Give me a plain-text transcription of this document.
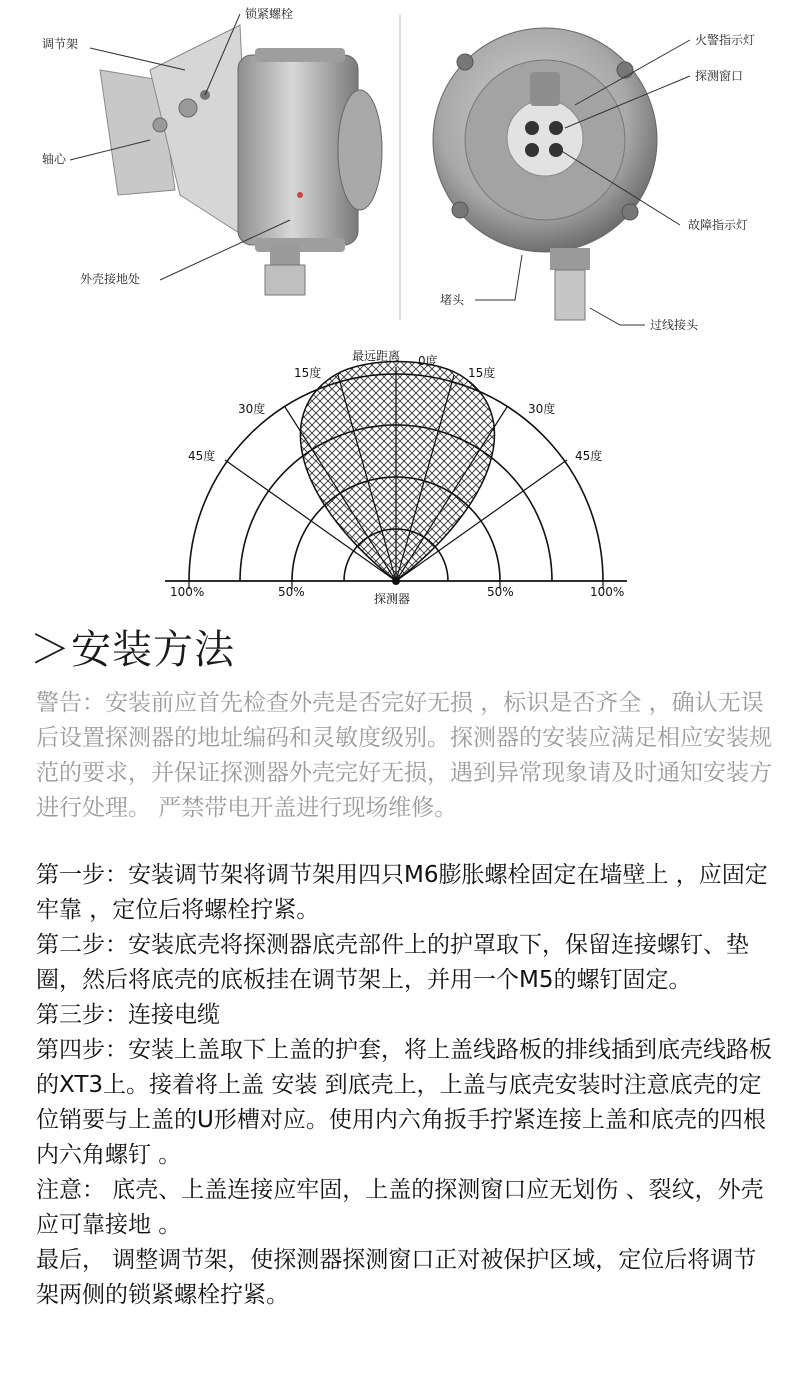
调节架
锁紧螺栓
轴心
外壳接地处
火警指示灯
探测窗口
故障指示灯
堵头
过线接头
最远距离 0度
15度	15度
30度	30度
45度	45度
100%	50%	50%	100%
探测器
＞安装方法

警告：安装前应首先检查外壳是否完好无损 ，标识是否齐全 ，确认无误后设置探测器的地址编码和灵敏度级别。探测器的安装应满足相应安装规范的要求，并保证探测器外壳完好无损，遇到异常现象请及时通知安装方进行处理。 严禁带电开盖进行现场维修。

第一步：安装调节架将调节架用四只M6膨胀螺栓固定在墙壁上 ，应固定牢靠 ，定位后将螺栓拧紧。

第二步：安装底壳将探测器底壳部件上的护罩取下，保留连接螺钉、垫圈，然后将底壳的底板挂在调节架上，并用一个M5的螺钉固定。

第三步：连接电缆

第四步：安装上盖取下上盖的护套，将上盖线路板的排线插到底壳线路板的XT3上。接着将上盖 安装 到底壳上，上盖与底壳安装时注意底壳的定位销要与上盖的U形槽对应。使用内六角扳手拧紧连接上盖和底壳的四根内六角螺钉 。

注意： 底壳、上盖连接应牢固，上盖的探测窗口应无划伤 、裂纹，外壳应可靠接地 。

最后， 调整调节架，使探测器探测窗口正对被保护区域，定位后将调节架两侧的锁紧螺栓拧紧。
